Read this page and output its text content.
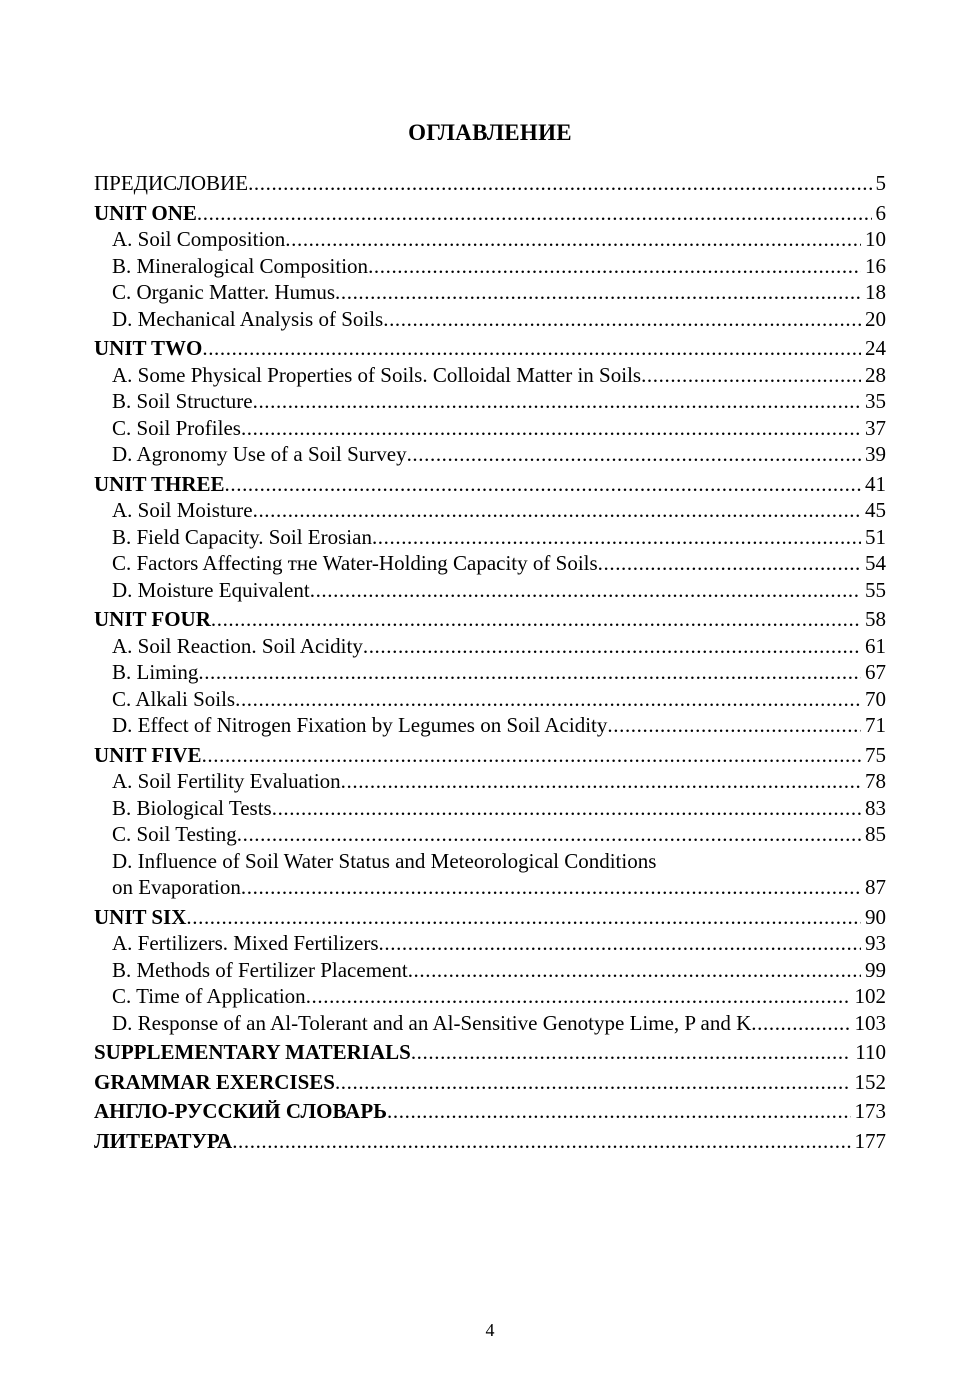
ОГЛАВЛЕНИЕ
ПРЕДИСЛОВИЕ .....	5
UNIT ONE .....	6
A. Soil Composition .....	10
B. Mineralogical Composition .....	16
C. Organic Matter. Humus .....	18
D. Mechanical Analysis of Soils .....	20
UNIT TWO .....	24
A. Some Physical Properties of Soils. Colloidal Matter in Soils .....	28
B. Soil Structure .....	35
C. Soil Profiles .....	37
D. Agronomy Use of a Soil Survey .....	39
UNIT THREE .....	41
A. Soil Moisture .....	45
B. Field Capacity. Soil Erosian .....	51
C. Factors Affecting тне Water-Holding Capacity of Soils .....	54
D. Moisture Equivalent .....	55
UNIT FOUR .....	58
A. Soil Reaction. Soil Acidity .....	61
B. Liming .....	67
C. Alkali Soils .....	70
D. Effect of Nitrogen Fixation by Legumes on Soil Acidity .....	71
UNIT FIVE .....	75
A. Soil Fertility Evaluation .....	78
B. Biological Tests .....	83
C. Soil Testing .....	85
D. Influence of Soil Water Status and Meteorological Conditions
on Evaporation .....	87
UNIT SIX .....	90
A. Fertilizers. Mixed Fertilizers .....	93
B. Methods of Fertilizer Placement .....	99
C. Time of Application .....	102
D. Response of an Al-Tolerant and an Al-Sensitive Genotype Lime, P and K .....	103
SUPPLEMENTARY MATERIALS .....	110
GRAMMAR EXERCISES .....	152
АНГЛО-РУССКИЙ СЛОВАРЬ .....	173
ЛИТЕРАТУРА .....	177
4
